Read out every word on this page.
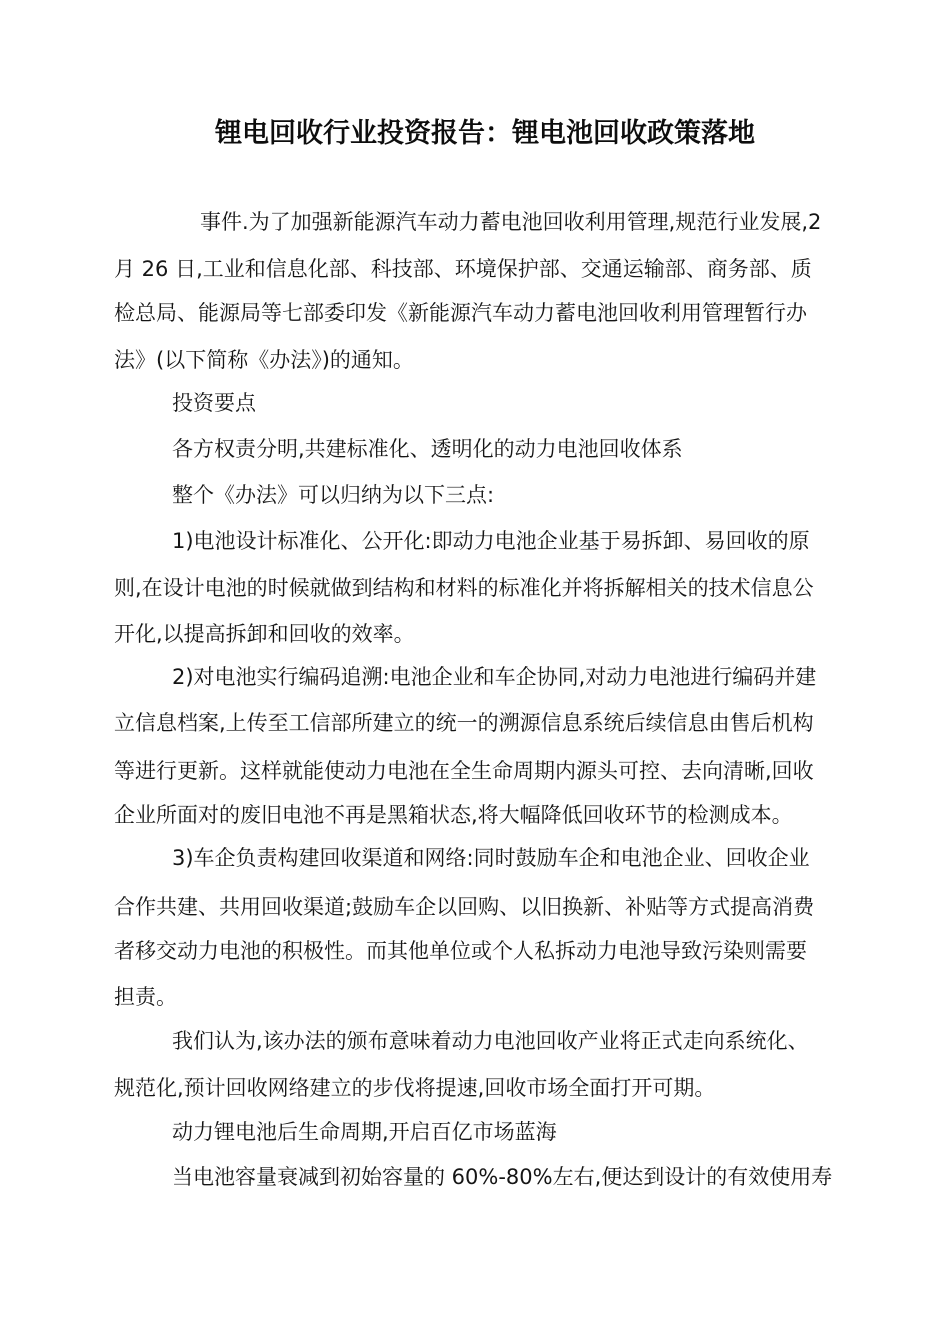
锂电回收行业投资报告：锂电池回收政策落地
事件.为了加强新能源汽车动力蓄电池回收利用管理,规范行业发展,2
月 26 日,工业和信息化部、科技部、环境保护部、交通运输部、商务部、质
检总局、能源局等七部委印发《新能源汽车动力蓄电池回收利用管理暂行办
法》(以下简称《办法》)的通知。
投资要点
各方权责分明,共建标准化、透明化的动力电池回收体系
整个《办法》可以归纳为以下三点:
1)电池设计标准化、公开化:即动力电池企业基于易拆卸、易回收的原
则,在设计电池的时候就做到结构和材料的标准化并将拆解相关的技术信息公
开化,以提高拆卸和回收的效率。
2)对电池实行编码追溯:电池企业和车企协同,对动力电池进行编码并建
立信息档案,上传至工信部所建立的统一的溯源信息系统后续信息由售后机构
等进行更新。这样就能使动力电池在全生命周期内源头可控、去向清晰,回收
企业所面对的废旧电池不再是黑箱状态,将大幅降低回收环节的检测成本。
3)车企负责构建回收渠道和网络:同时鼓励车企和电池企业、回收企业
合作共建、共用回收渠道;鼓励车企以回购、以旧换新、补贴等方式提高消费
者移交动力电池的积极性。而其他单位或个人私拆动力电池导致污染则需要
担责。
我们认为,该办法的颁布意味着动力电池回收产业将正式走向系统化、
规范化,预计回收网络建立的步伐将提速,回收市场全面打开可期。
动力锂电池后生命周期,开启百亿市场蓝海
当电池容量衰减到初始容量的 60%-80%左右,便达到设计的有效使用寿
